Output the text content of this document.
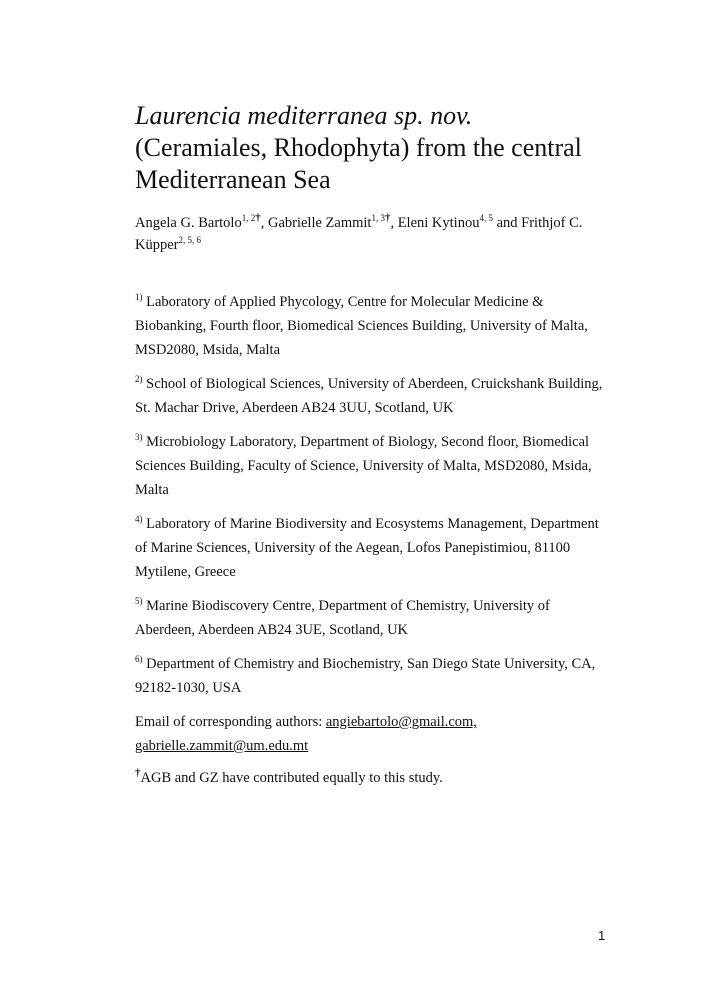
Laurencia mediterranea sp. nov.
(Ceramiales, Rhodophyta) from the central Mediterranean Sea
Angela G. Bartolo$^{1, 2\dagger}$, Gabrielle Zammit$^{1, 3\dagger}$, Eleni Kytinou$^{4, 5}$ and Frithjof C. Küpper$^{2, 5, 6}$
$^{1)}$ Laboratory of Applied Phycology, Centre for Molecular Medicine & Biobanking, Fourth floor, Biomedical Sciences Building, University of Malta, MSD2080, Msida, Malta
$^{2)}$ School of Biological Sciences, University of Aberdeen, Cruickshank Building, St. Machar Drive, Aberdeen AB24 3UU, Scotland, UK
$^{3)}$ Microbiology Laboratory, Department of Biology, Second floor, Biomedical Sciences Building, Faculty of Science, University of Malta, MSD2080, Msida, Malta
$^{4)}$ Laboratory of Marine Biodiversity and Ecosystems Management, Department of Marine Sciences, University of the Aegean, Lofos Panepistimiou, 81100 Mytilene, Greece
$^{5)}$ Marine Biodiscovery Centre, Department of Chemistry, University of Aberdeen, Aberdeen AB24 3UE, Scotland, UK
$^{6)}$ Department of Chemistry and Biochemistry, San Diego State University, CA, 92182-1030, USA
Email of corresponding authors: angiebartolo@gmail.com,
gabrielle.zammit@um.edu.mt
†AGB and GZ have contributed equally to this study.
1
